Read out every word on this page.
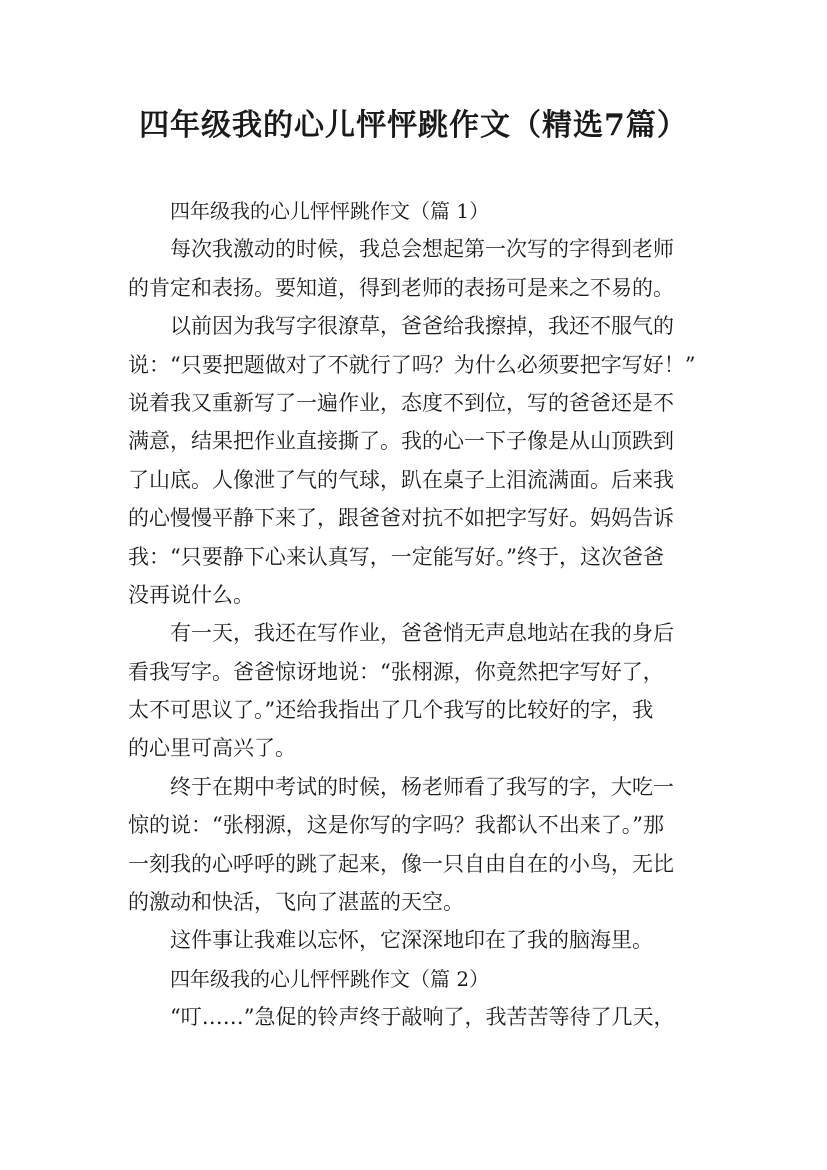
四年级我的心儿怦怦跳作文（精选7篇）
四年级我的心儿怦怦跳作文（篇 1）
每次我激动的时候，我总会想起第一次写的字得到老师
的肯定和表扬。要知道，得到老师的表扬可是来之不易的。
以前因为我写字很潦草，爸爸给我擦掉，我还不服气的
说：“只要把题做对了不就行了吗？为什么必须要把字写好！”
说着我又重新写了一遍作业，态度不到位，写的爸爸还是不
满意，结果把作业直接撕了。我的心一下子像是从山顶跌到
了山底。人像泄了气的气球，趴在桌子上泪流满面。后来我
的心慢慢平静下来了，跟爸爸对抗不如把字写好。妈妈告诉
我：“只要静下心来认真写，一定能写好。”终于，这次爸爸
没再说什么。
有一天，我还在写作业，爸爸悄无声息地站在我的身后
看我写字。爸爸惊讶地说：“张栩源，你竟然把字写好了，
太不可思议了。”还给我指出了几个我写的比较好的字，我
的心里可高兴了。
终于在期中考试的时候，杨老师看了我写的字，大吃一
惊的说：“张栩源，这是你写的字吗？我都认不出来了。”那
一刻我的心呼呼的跳了起来，像一只自由自在的小鸟，无比
的激动和快活，飞向了湛蓝的天空。
这件事让我难以忘怀，它深深地印在了我的脑海里。
四年级我的心儿怦怦跳作文（篇 2）
“叮……”急促的铃声终于敲响了，我苦苦等待了几天，
